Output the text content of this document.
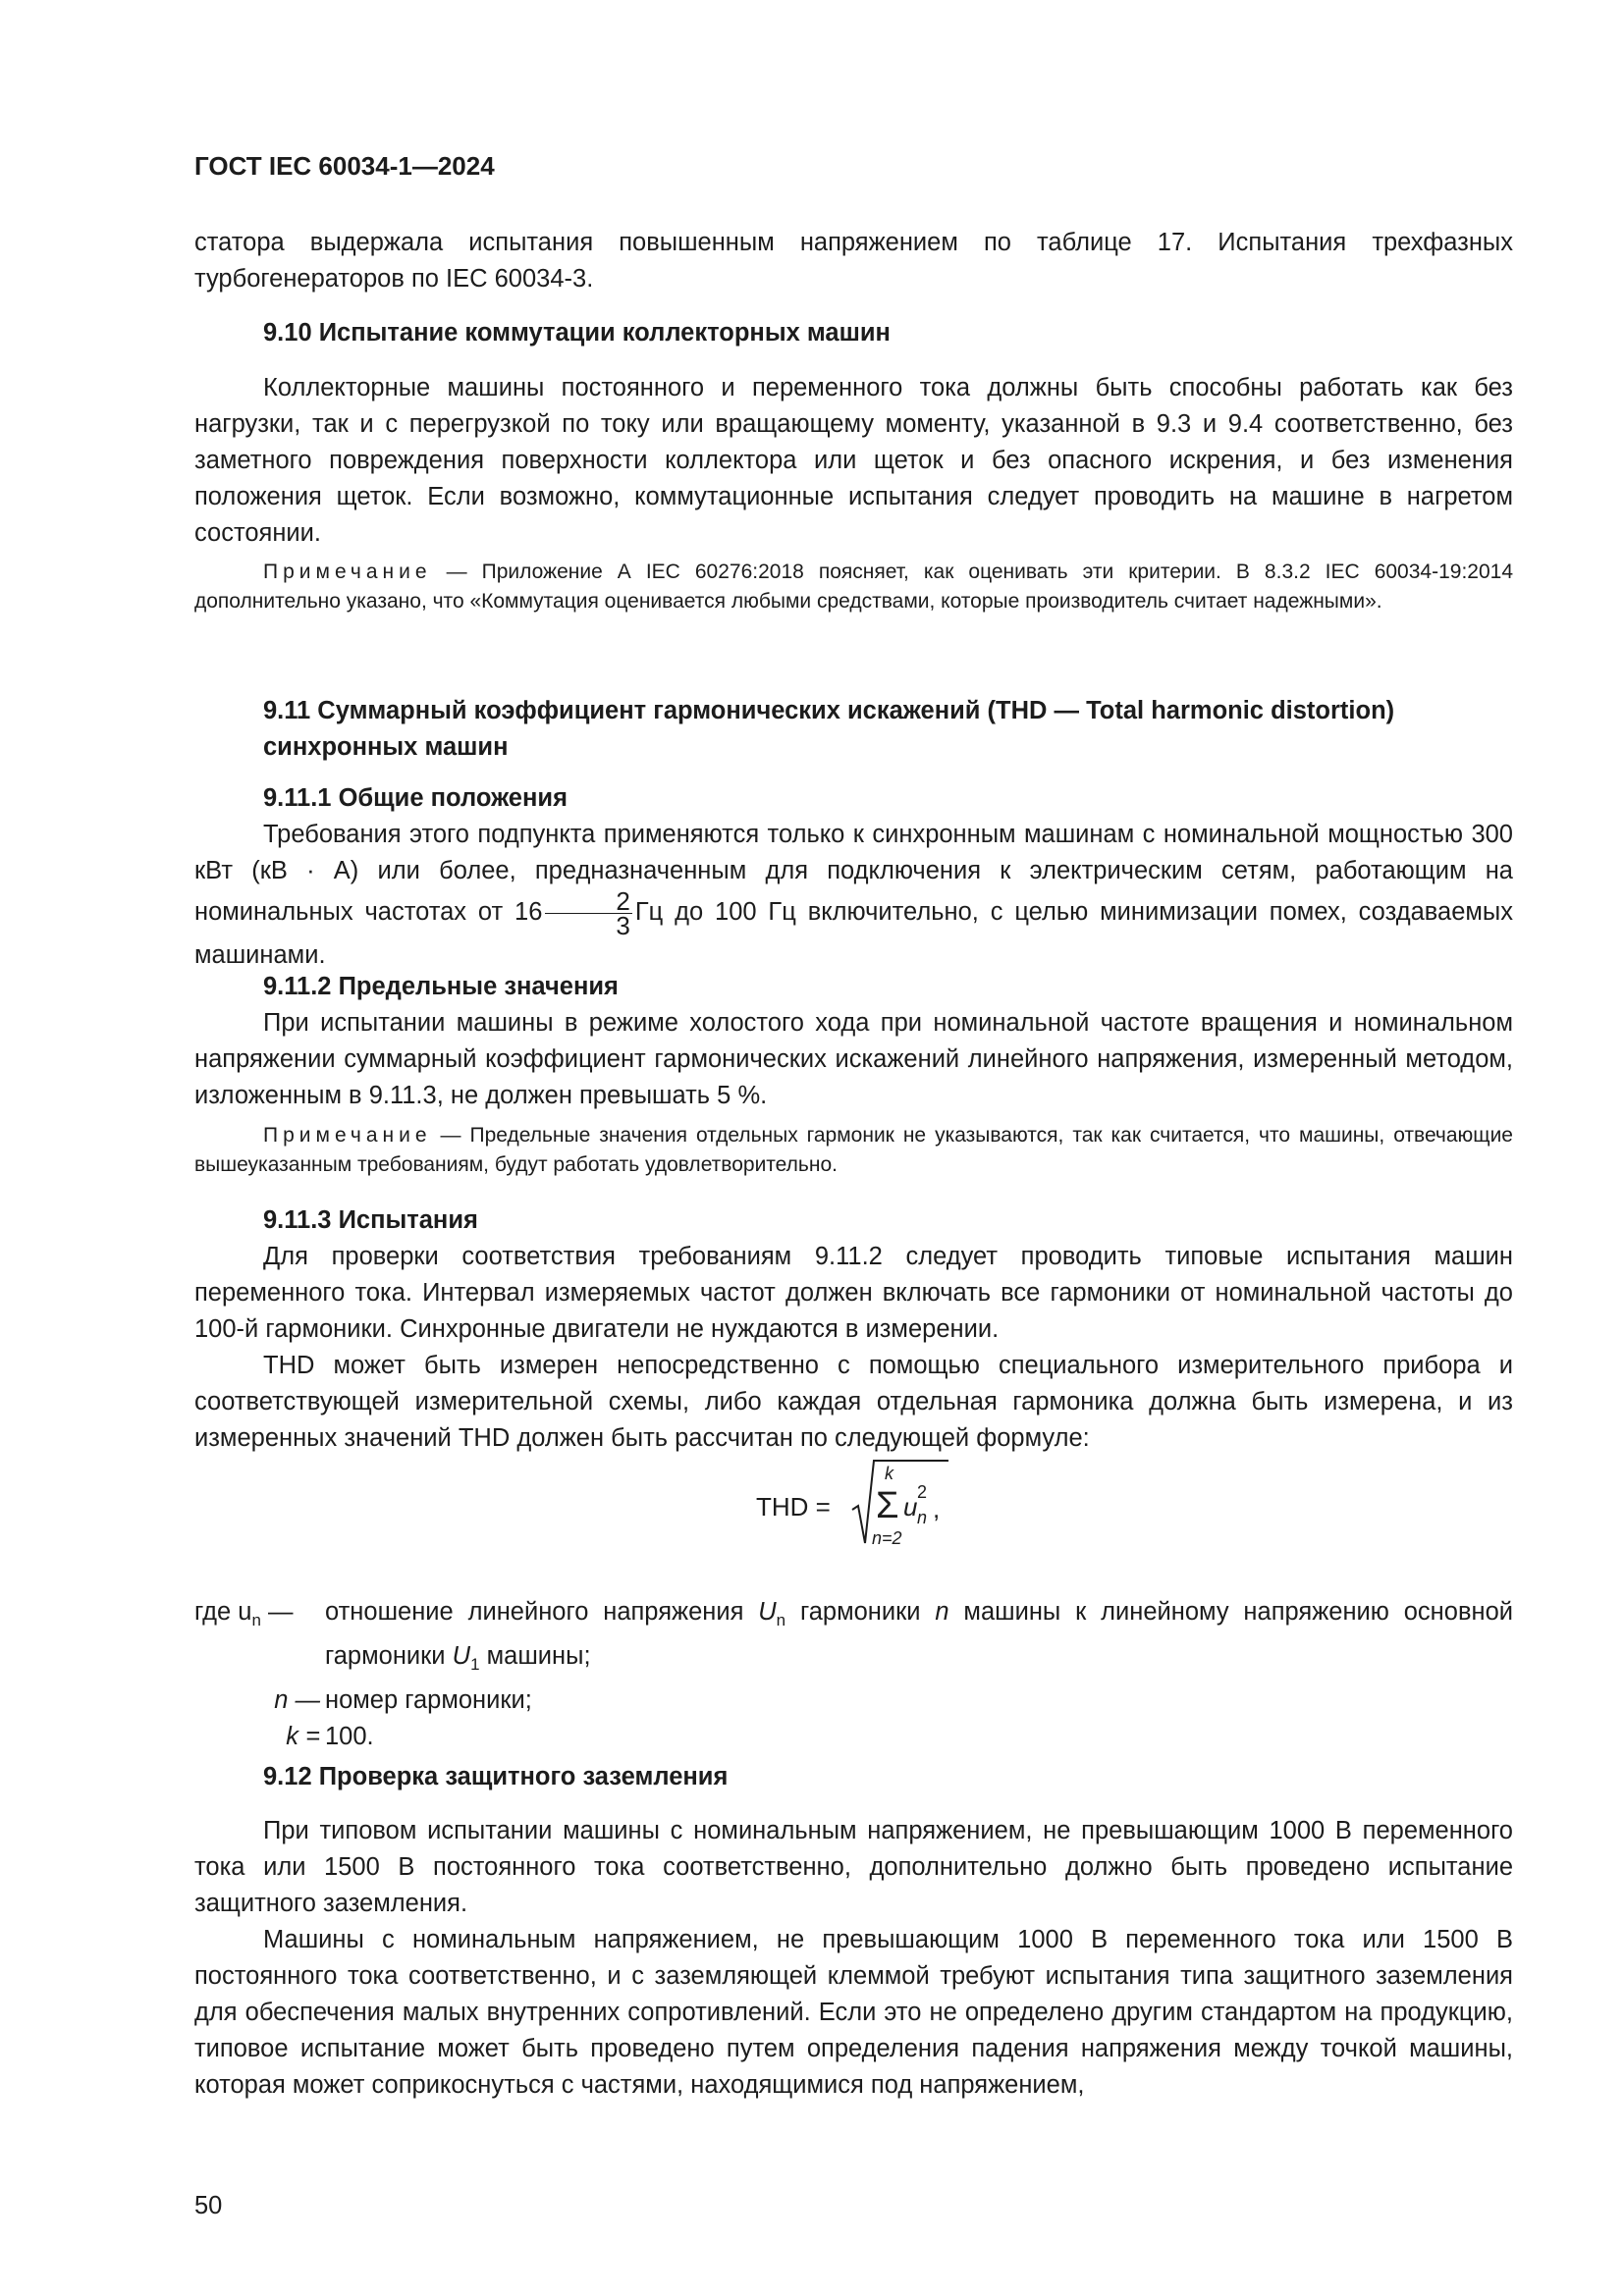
ГОСТ IEC 60034-1—2024

статора выдержала испытания повышенным напряжением по таблице 17. Испытания трехфазных турбогенераторов по IEC 60034-3.

9.10 Испытание коммутации коллекторных машин

Коллекторные машины постоянного и переменного тока должны быть способны работать как без нагрузки, так и с перегрузкой по току или вращающему моменту, указанной в 9.3 и 9.4 соответственно, без заметного повреждения поверхности коллектора или щеток и без опасного искрения, и без изменения положения щеток. Если возможно, коммутационные испытания следует проводить на машине в нагретом состоянии.

Примечание — Приложение А IEC 60276:2018 поясняет, как оценивать эти критерии. В 8.3.2 IEC 60034-19:2014 дополнительно указано, что «Коммутация оценивается любыми средствами, которые производитель считает надежными».

9.11 Суммарный коэффициент гармонических искажений (THD — Total harmonic distortion) синхронных машин

9.11.1 Общие положения

Требования этого подпункта применяются только к синхронным машинам с номинальной мощностью 300 кВт (кВ · А) или более, предназначенным для подключения к электрическим сетям, работающим на номинальных частотах от $16 \frac{2}{3}$ Гц до 100 Гц включительно, с целью минимизации помех, создаваемых машинами.

9.11.2 Предельные значения

При испытании машины в режиме холостого хода при номинальной частоте вращения и номинальном напряжении суммарный коэффициент гармонических искажений линейного напряжения, измеренный методом, изложенным в 9.11.3, не должен превышать 5 %.

Примечание — Предельные значения отдельных гармоник не указываются, так как считается, что машины, отвечающие вышеуказанным требованиям, будут работать удовлетворительно.

9.11.3 Испытания

Для проверки соответствия требованиям 9.11.2 следует проводить типовые испытания машин переменного тока. Интервал измеряемых частот должен включать все гармоники от номинальной частоты до 100-й гармоники. Синхронные двигатели не нуждаются в измерении.

THD может быть измерен непосредственно с помощью специального измерительного прибора и соответствующей измерительной схемы, либо каждая отдельная гармоника должна быть измерена, и из измеренных значений THD должен быть рассчитан по следующей формуле:

THD =
k
Σ
n=2
u n
2
,
где $u_n$ —	отношение линейного напряжения $U_n$ гармоники n машины к линейному напряжению основной гармоники $U_1$ машины;
n — номер гармоники;
k = 100.

9.12 Проверка защитного заземления

При типовом испытании машины с номинальным напряжением, не превышающим 1000 В переменного тока или 1500 В постоянного тока соответственно, дополнительно должно быть проведено испытание защитного заземления.

Машины с номинальным напряжением, не превышающим 1000 В переменного тока или 1500 В постоянного тока соответственно, и с заземляющей клеммой требуют испытания типа защитного заземления для обеспечения малых внутренних сопротивлений. Если это не определено другим стандартом на продукцию, типовое испытание может быть проведено путем определения падения напряжения между точкой машины, которая может соприкоснуться с частями, находящимися под напряжением,

50
